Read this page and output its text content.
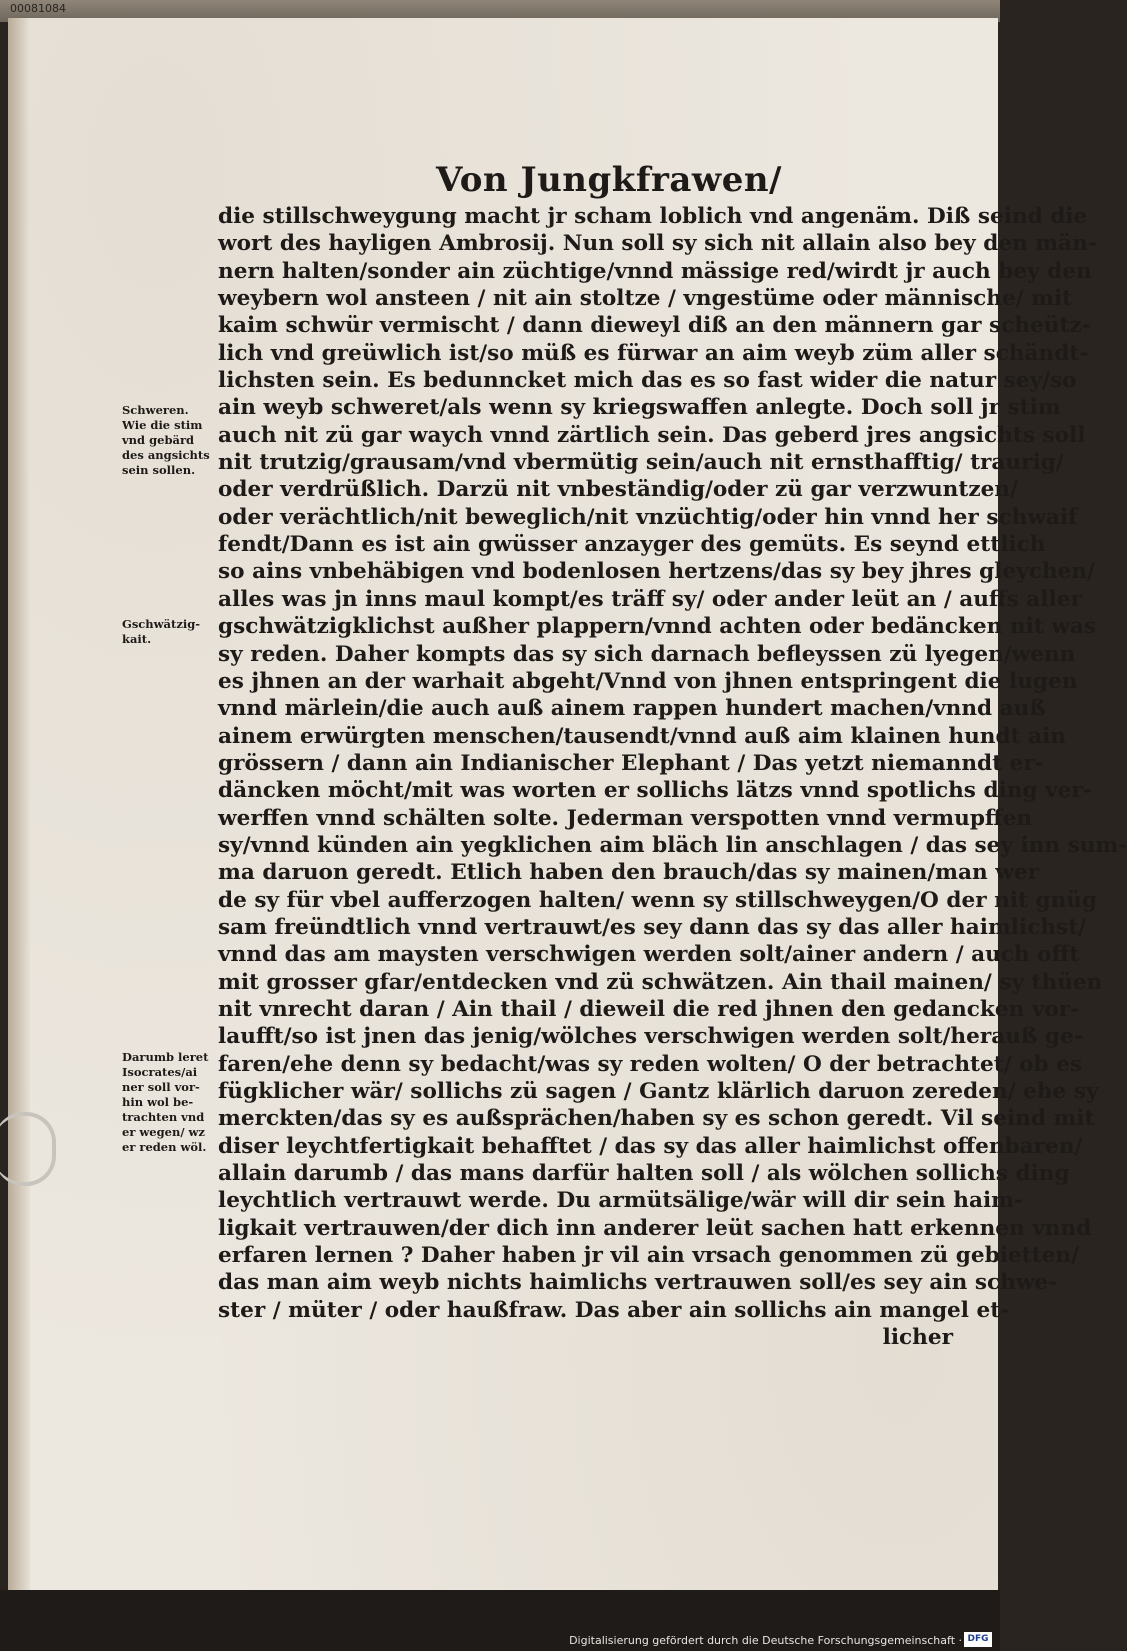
00081084
Von Jungkfrawen/
die stillschweygung macht jr scham loblich vnd angenäm. Diß seind die
wort des hayligen Ambrosij. Nun soll sy sich nit allain also bey den män-
nern halten/sonder ain züchtige/vnnd mässige red/wirdt jr auch bey den
weybern wol ansteen / nit ain stoltze / vngestüme oder männische/ mit
kaim schwür vermischt / dann dieweyl diß an den männern gar scheütz-
lich vnd greüwlich ist/so müß es fürwar an aim weyb züm aller schändt-
lichsten sein. Es bedunncket mich das es so fast wider die natur sey/so
ain weyb schweret/als wenn sy kriegswaffen anlegte. Doch soll jr stim
auch nit zü gar waych vnnd zärtlich sein. Das geberd jres angsichts soll
nit trutzig/grausam/vnd vbermütig sein/auch nit ernsthafftig/ traurig/
oder verdrüßlich. Darzü nit vnbeständig/oder zü gar verzwuntzen/
oder verächtlich/nit beweglich/nit vnzüchtig/oder hin vnnd her schwaif
fendt/Dann es ist ain gwüsser anzayger des gemüts. Es seynd ettlich
so ains vnbehäbigen vnd bodenlosen hertzens/das sy bey jhres gleychen/
alles was jn inns maul kompt/es träff sy/ oder ander leüt an / auffs aller
gschwätzigklichst außher plappern/vnnd achten oder bedäncken nit was
sy reden. Daher kompts das sy sich darnach befleyssen zü lyegen/wenn
es jhnen an der warhait abgeht/Vnnd von jhnen entspringent die lugen
vnnd märlein/die auch auß ainem rappen hundert machen/vnnd auß
ainem erwürgten menschen/tausendt/vnnd auß aim klainen hundt ain
grössern / dann ain Indianischer Elephant / Das yetzt niemanndt er-
däncken möcht/mit was worten er sollichs lätzs vnnd spotlichs ding ver-
werffen vnnd schälten solte. Jederman verspotten vnnd vermupffen
sy/vnnd künden ain yegklichen aim bläch lin anschlagen / das sey inn sum-
ma daruon geredt. Etlich haben den brauch/das sy mainen/man wer
de sy für vbel aufferzogen halten/ wenn sy stillschweygen/O der nit gnüg
sam freündtlich vnnd vertrauwt/es sey dann das sy das aller haimlichst/
vnnd das am maysten verschwigen werden solt/ainer andern / auch offt
mit grosser gfar/entdecken vnd zü schwätzen. Ain thail mainen/ sy thüen
nit vnrecht daran / Ain thail / dieweil die red jhnen den gedancken vor-
laufft/so ist jnen das jenig/wölches verschwigen werden solt/herauß ge-
faren/ehe denn sy bedacht/was sy reden wolten/ O der betrachtet/ ob es
fügklicher wär/ sollichs zü sagen / Gantz klärlich daruon zereden/ ehe sy
merckten/das sy es außsprächen/haben sy es schon geredt. Vil seind mit
diser leychtfertigkait behafftet / das sy das aller haimlichst offenbaren/
allain darumb / das mans darfür halten soll / als wölchen sollichs ding
leychtlich vertrauwt werde. Du armütsälige/wär will dir sein haim-
ligkait vertrauwen/der dich inn anderer leüt sachen hatt erkennen vnnd
erfaren lernen ? Daher haben jr vil ain vrsach genommen zü gebietten/
das man aim weyb nichts haimlichs vertrauwen soll/es sey ain schwe-
ster / müter / oder haußfraw. Das aber ain sollichs ain mangel et-
licher
Schweren.
Wie die stim
vnd gebärd
des angsichts
sein sollen.
Gschwätzig-
kait.
Darumb leret
Isocrates/ai
ner soll vor-
hin wol be-
trachten vnd
er wegen/ wz
er reden wöl.
Digitalisierung gefördert durch die Deutsche Forschungsgemeinschaft · DFG
